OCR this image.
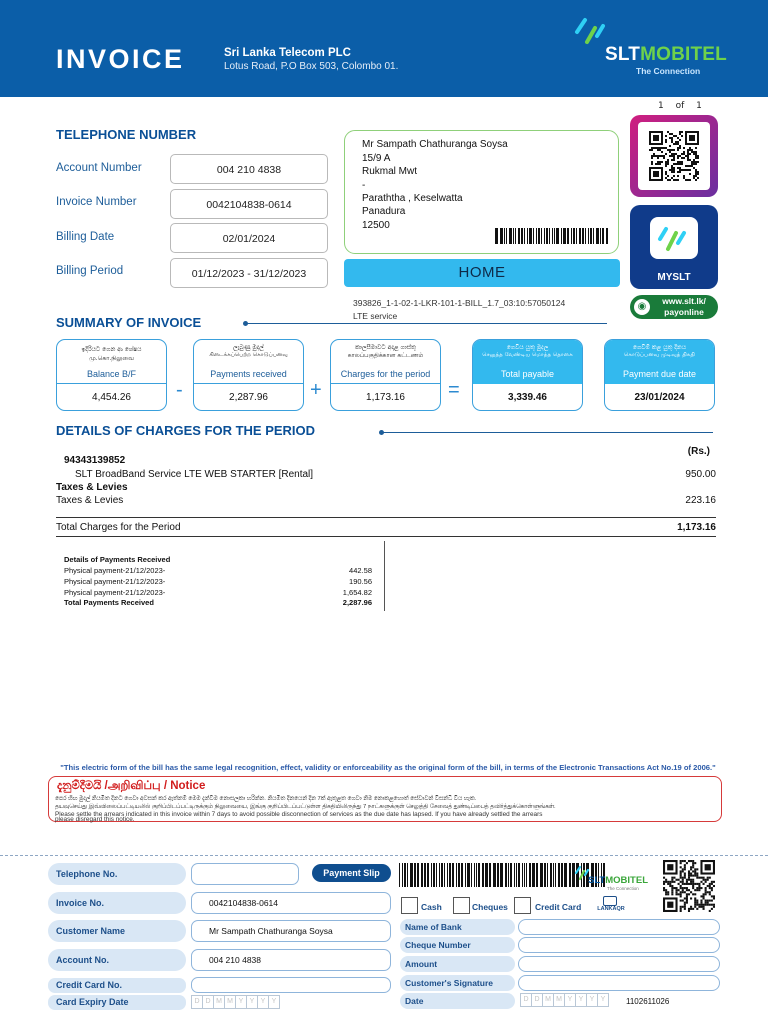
INVOICE	Sri Lanka Telecom PLC
Lotus Road, P.O Box 503, Colombo 01.
SLTMOBITEL
The Connection
1 of 1
TELEPHONE NUMBER
Account Number	004 210 4838
Invoice Number	0042104838-0614
Billing Date	02/01/2024
Billing Period	01/12/2023 - 31/12/2023
Mr Sampath Chathuranga Soysa
15/9 A
Rukmal Mwt
-
Paraththa , Keselwatta
Panadura
12500
HOME
393826_1-1-02-1-LKR-101-1-BILL_1.7_03:10:57050124
LTE service
MYSLT
◉	www.slt.lk/
payonline
SUMMARY OF INVOICE
ඉදිරියට ගෙන ආ ශේෂය
மு.கொ.நிலுவை
Balance B/F
4,454.26	-
ලැබුණු මුදල්
கிடைக்கப்பெற்ற கொடுப்பனவு
Payments received
2,287.96	+
කාලසීමාවට අදාළ ගාස්තු
காலப்பகுதிக்கான கட்டணம்
Charges for the period
1,173.16	=
ගෙවිය යුතු මුදල
செலுத்த வேண்டிய மொத்த தொகை
Total payable
3,339.46
ගෙවීම් කළ යුතු දිනය
கொடுப்பனவு முடிவுத் திகதி
Payment due date
23/01/2024
DETAILS OF CHARGES FOR THE PERIOD
(Rs.)
94343139852
SLT BroadBand Service LTE WEB STARTER [Rental]	950.00
Taxes & Levies
Taxes & Levies	223.16
Total Charges for the Period	1,173.16
Details of Payments Received
Physical payment-21/12/2023-	442.58
Physical payment-21/12/2023-	190.56
Physical payment-21/12/2023-	1,654.82
Total Payments Received	2,287.96
"This electric form of the bill has the same legal recognition, effect, validity or enforceability as the original form of the bill, in terms of the Electronic Transactions Act No.19 of 2006."
දැනුම්දීමයි /அறிவிப்பு / Notice
පෙර හිඟ මුදල් නියමිත දිනට ගෙවා අවසන් කර ඇත්නම් මෙම දැන්වීම නොසලකා හරින්න. නියමිත දිනයෙන් දින 7ක් ඇතුළත ගෙවා නිම නොකළහොත් සේවාවන් විසන්ධි විය හැක.
தயவுசெய்து இவ்விலைப்பட்டியலில் குறிப்பிடப்பட்டிருக்கும் நிலுவையை, இங்கு குறிப்பிடப்பட்டுள்ள திகதியிலிருந்து 7 நாட்களுக்குள் செலுத்தி சேவைத் துண்டிப்பைத் தவிர்த்துக்கொள்ளுங்கள்.
Please settle the arrears indicated in this invoice within 7 days to avoid possible disconnection of services as the due date has lapsed. If you have already settled the arrears
please disregard this notice.
Telephone No.	Payment Slip
Invoice No.	0042104838-0614
Customer Name	Mr Sampath Chathuranga Soysa
Account No.	004 210 4838
Credit Card No.
Card Expiry Date	D D M M Y Y Y Y
SLTMOBITEL
The Connection
Cash	Cheques	Credit Card	LANKAQR
Name of Bank
Cheque Number
Amount
Customer's Signature
Date	D D M M Y Y Y Y	1102611026
